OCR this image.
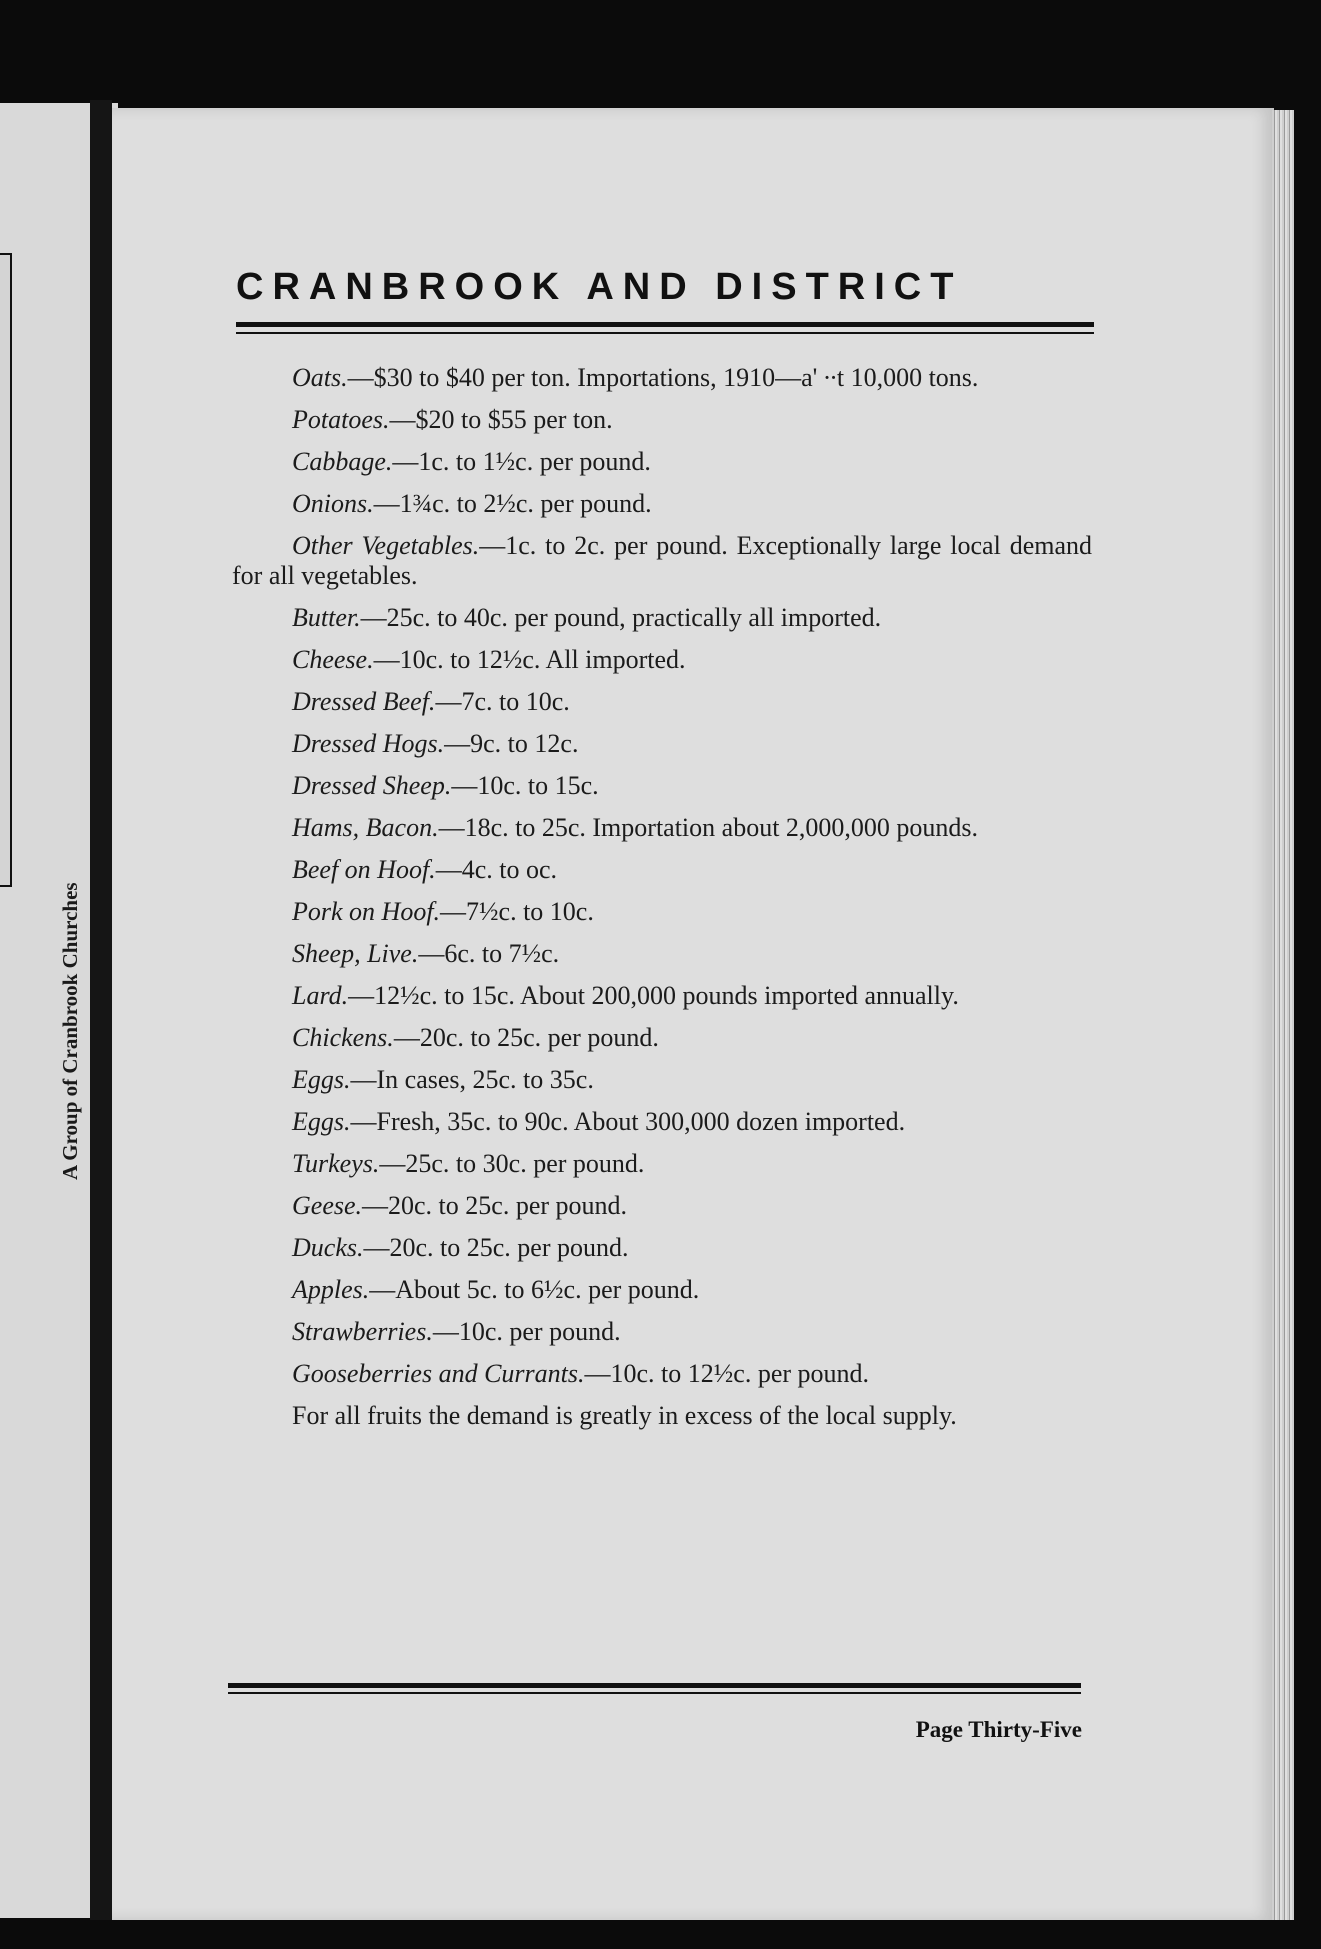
A Group of Cranbrook Churches
CRANBROOK AND DISTRICT

Oats.—$30 to $40 per ton. Importations, 1910—a' ∙∙t 10,000 tons.

Potatoes.—$20 to $55 per ton.

Cabbage.—1c. to 1½c. per pound.

Onions.—1¾c. to 2½c. per pound.

Other Vegetables.—1c. to 2c. per pound. Exceptionally large local demand for all vegetables.

Butter.—25c. to 40c. per pound, practically all imported.

Cheese.—10c. to 12½c. All imported.

Dressed Beef.—7c. to 10c.

Dressed Hogs.—9c. to 12c.

Dressed Sheep.—10c. to 15c.

Hams, Bacon.—18c. to 25c. Importation about 2,000,000 pounds.

Beef on Hoof.—4c. to oc.

Pork on Hoof.—7½c. to 10c.

Sheep, Live.—6c. to 7½c.

Lard.—12½c. to 15c. About 200,000 pounds imported annually.

Chickens.—20c. to 25c. per pound.

Eggs.—In cases, 25c. to 35c.

Eggs.—Fresh, 35c. to 90c. About 300,000 dozen imported.

Turkeys.—25c. to 30c. per pound.

Geese.—20c. to 25c. per pound.

Ducks.—20c. to 25c. per pound.

Apples.—About 5c. to 6½c. per pound.

Strawberries.—10c. per pound.

Gooseberries and Currants.—10c. to 12½c. per pound.

For all fruits the demand is greatly in excess of the local supply.

Page Thirty-Five
